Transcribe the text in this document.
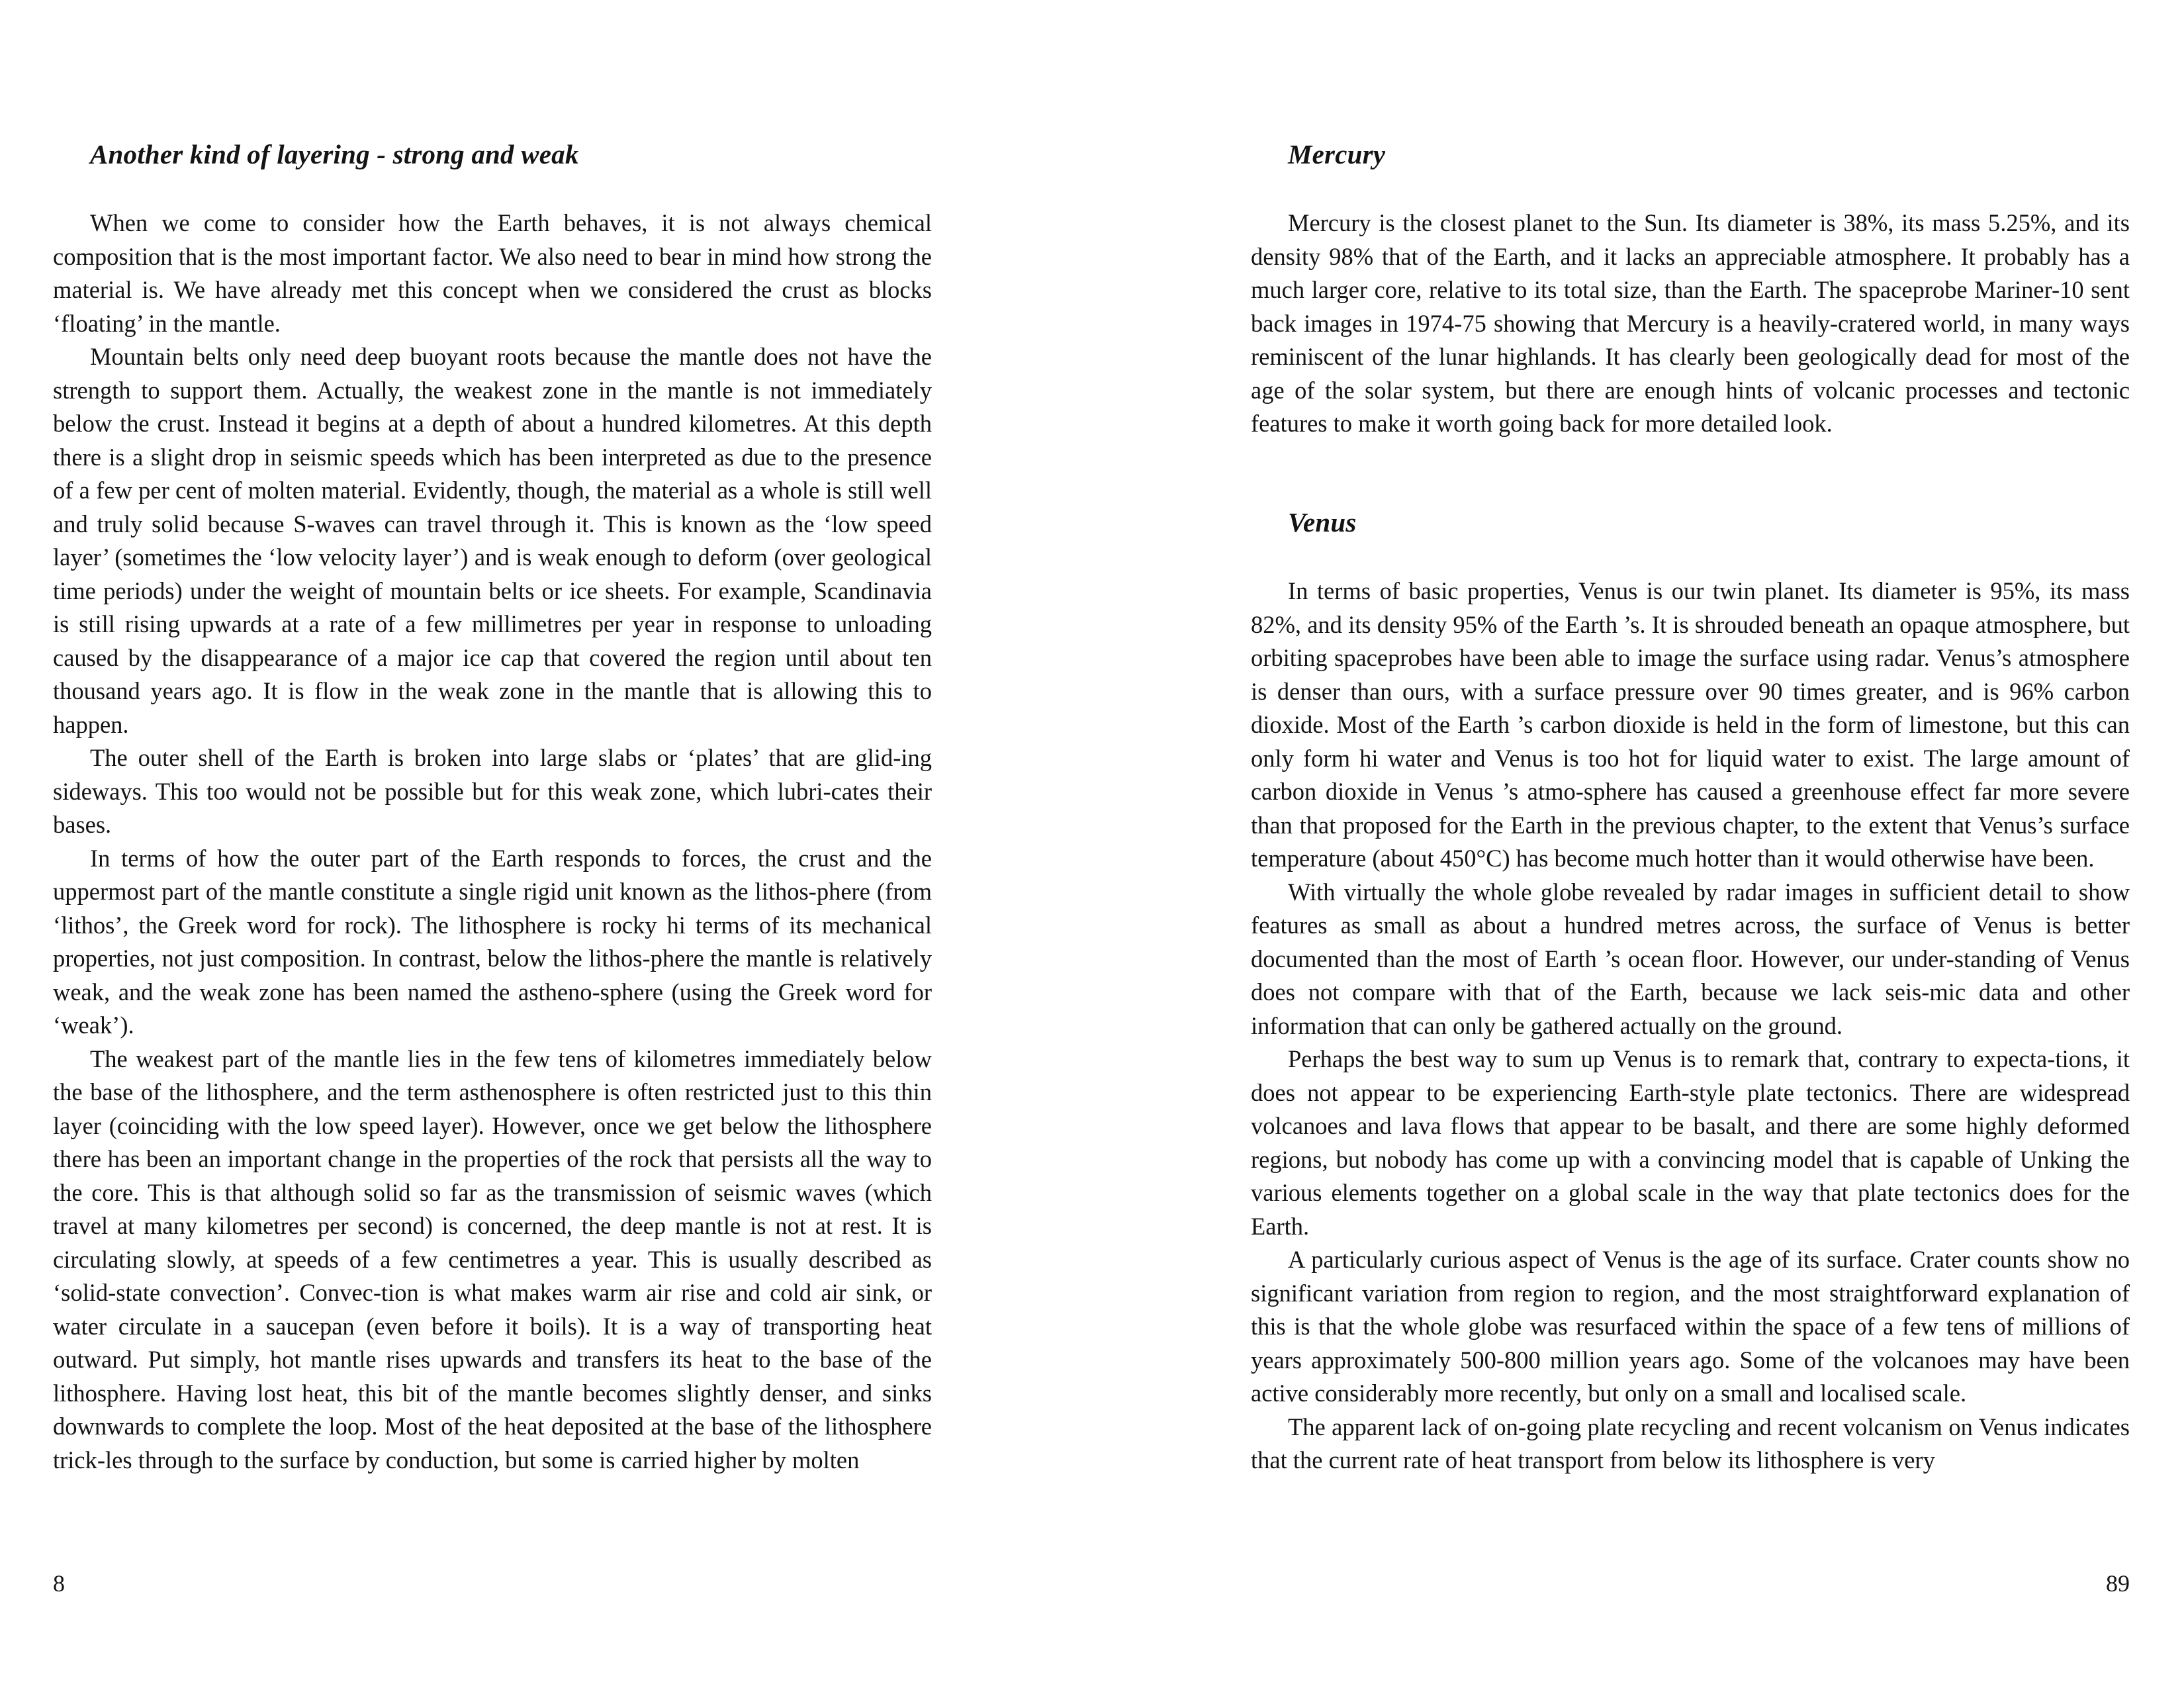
Another kind of layering - strong and weak

When we come to consider how the Earth behaves, it is not always chemical composition that is the most important factor. We also need to bear in mind how strong the material is. We have already met this concept when we considered the crust as blocks ‘floating’ in the mantle.

Mountain belts only need deep buoyant roots because the mantle does not have the strength to support them. Actually, the weakest zone in the mantle is not immediately below the crust. Instead it begins at a depth of about a hundred kilometres. At this depth there is a slight drop in seismic speeds which has been interpreted as due to the presence of a few per cent of molten material. Evidently, though, the material as a whole is still well and truly solid because S-waves can travel through it. This is known as the ‘low speed layer’ (sometimes the ‘low velocity layer’) and is weak enough to deform (over geological time periods) under the weight of mountain belts or ice sheets. For example, Scandinavia is still rising upwards at a rate of a few millimetres per year in response to unloading caused by the disappearance of a major ice cap that covered the region until about ten thousand years ago. It is flow in the weak zone in the mantle that is allowing this to happen.

The outer shell of the Earth is broken into large slabs or ‘plates’ that are glid-ing sideways. This too would not be possible but for this weak zone, which lubri-cates their bases.

In terms of how the outer part of the Earth responds to forces, the crust and the uppermost part of the mantle constitute a single rigid unit known as the lithos-phere (from ‘lithos’, the Greek word for rock). The lithosphere is rocky hi terms of its mechanical properties, not just composition. In contrast, below the lithos-phere the mantle is relatively weak, and the weak zone has been named the astheno-sphere (using the Greek word for ‘weak’).

The weakest part of the mantle lies in the few tens of kilometres immediately below the base of the lithosphere, and the term asthenosphere is often restricted just to this thin layer (coinciding with the low speed layer). However, once we get below the lithosphere there has been an important change in the properties of the rock that persists all the way to the core. This is that although solid so far as the transmission of seismic waves (which travel at many kilometres per second) is concerned, the deep mantle is not at rest. It is circulating slowly, at speeds of a few centimetres a year. This is usually described as ‘solid-state convection’. Convec-tion is what makes warm air rise and cold air sink, or water circulate in a saucepan (even before it boils). It is a way of transporting heat outward. Put simply, hot mantle rises upwards and transfers its heat to the base of the lithosphere. Having lost heat, this bit of the mantle becomes slightly denser, and sinks downwards to complete the loop. Most of the heat deposited at the base of the lithosphere trick-les through to the surface by conduction, but some is carried higher by molten

8
Mercury

Mercury is the closest planet to the Sun. Its diameter is 38%, its mass 5.25%, and its density 98% that of the Earth, and it lacks an appreciable atmosphere. It probably has a much larger core, relative to its total size, than the Earth. The spaceprobe Mariner-10 sent back images in 1974-75 showing that Mercury is a heavily-cratered world, in many ways reminiscent of the lunar highlands. It has clearly been geologically dead for most of the age of the solar system, but there are enough hints of volcanic processes and tectonic features to make it worth going back for more detailed look.

Venus

In terms of basic properties, Venus is our twin planet. Its diameter is 95%, its mass 82%, and its density 95% of the Earth ’s. It is shrouded beneath an opaque atmosphere, but orbiting spaceprobes have been able to image the surface using radar. Venus’s atmosphere is denser than ours, with a surface pressure over 90 times greater, and is 96% carbon dioxide. Most of the Earth ’s carbon dioxide is held in the form of limestone, but this can only form hi water and Venus is too hot for liquid water to exist. The large amount of carbon dioxide in Venus ’s atmo-sphere has caused a greenhouse effect far more severe than that proposed for the Earth in the previous chapter, to the extent that Venus’s surface temperature (about 450°C) has become much hotter than it would otherwise have been.

With virtually the whole globe revealed by radar images in sufficient detail to show features as small as about a hundred metres across, the surface of Venus is better documented than the most of Earth ’s ocean floor. However, our under-standing of Venus does not compare with that of the Earth, because we lack seis-mic data and other information that can only be gathered actually on the ground.

Perhaps the best way to sum up Venus is to remark that, contrary to expecta-tions, it does not appear to be experiencing Earth-style plate tectonics. There are widespread volcanoes and lava flows that appear to be basalt, and there are some highly deformed regions, but nobody has come up with a convincing model that is capable of Unking the various elements together on a global scale in the way that plate tectonics does for the Earth.

A particularly curious aspect of Venus is the age of its surface. Crater counts show no significant variation from region to region, and the most straightforward explanation of this is that the whole globe was resurfaced within the space of a few tens of millions of years approximately 500-800 million years ago. Some of the volcanoes may have been active considerably more recently, but only on a small and localised scale.

The apparent lack of on-going plate recycling and recent volcanism on Venus indicates that the current rate of heat transport from below its lithosphere is very

89
